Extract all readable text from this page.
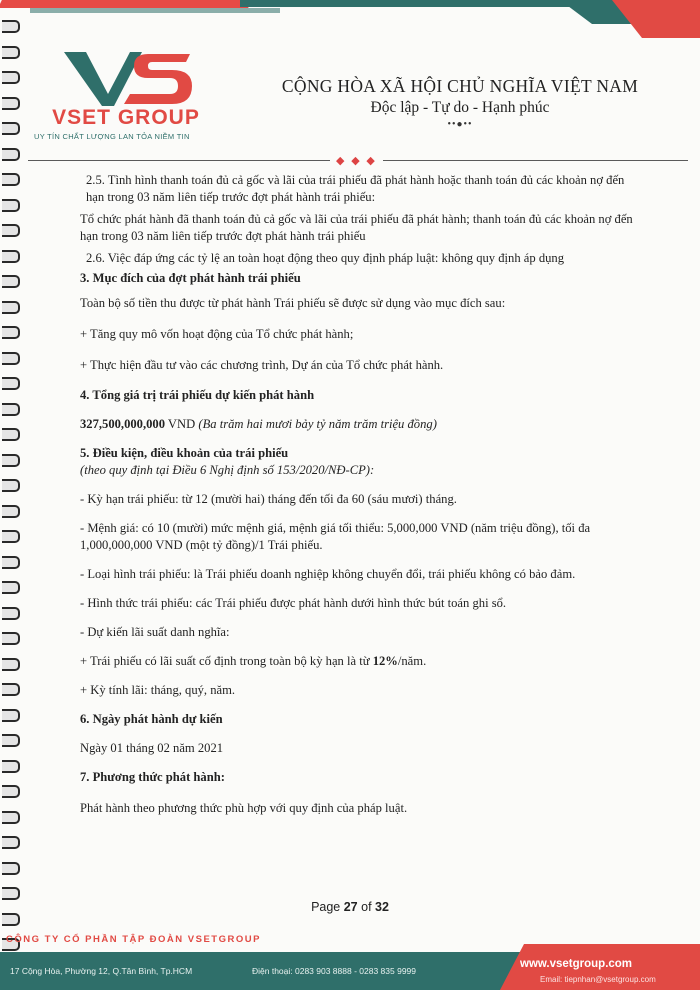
VSET GROUP
UY TÍN CHẤT LƯỢNG LAN TỎA NIỀM TIN
CỘNG HÒA XÃ HỘI CHỦ NGHĨA VIỆT NAM
Độc lập - Tự do - Hạnh phúc
••●••
◆ ◆ ◆

2.5. Tình hình thanh toán đủ cả gốc và lãi của trái phiếu đã phát hành hoặc thanh toán đủ các khoản nợ đến hạn trong 03 năm liên tiếp trước đợt phát hành trái phiếu:

Tổ chức phát hành đã thanh toán đủ cả gốc và lãi của trái phiếu đã phát hành; thanh toán đủ các khoản nợ đến hạn trong 03 năm liên tiếp trước đợt phát hành trái phiếu

2.6. Việc đáp ứng các tỷ lệ an toàn hoạt động theo quy định pháp luật: không quy định áp dụng

3. Mục đích của đợt phát hành trái phiếu

Toàn bộ số tiền thu được từ phát hành Trái phiếu sẽ được sử dụng vào mục đích sau:

+ Tăng quy mô vốn hoạt động của Tổ chức phát hành;

+ Thực hiện đầu tư vào các chương trình, Dự án của Tổ chức phát hành.

4. Tổng giá trị trái phiếu dự kiến phát hành

327,500,000,000 VND (Ba trăm hai mươi bảy tỷ năm trăm triệu đồng)

5. Điều kiện, điều khoản của trái phiếu

(theo quy định tại Điều 6 Nghị định số 153/2020/NĐ-CP):

- Kỳ hạn trái phiếu: từ 12 (mười hai) tháng đến tối đa 60 (sáu mươi) tháng.

- Mệnh giá: có 10 (mười) mức mệnh giá, mệnh giá tối thiểu: 5,000,000 VND (năm triệu đồng), tối đa 1,000,000,000 VND (một tỷ đồng)/1 Trái phiếu.

- Loại hình trái phiếu: là Trái phiếu doanh nghiệp không chuyển đổi, trái phiếu không có bảo đảm.

- Hình thức trái phiếu: các Trái phiếu được phát hành dưới hình thức bút toán ghi sổ.

- Dự kiến lãi suất danh nghĩa:

+ Trái phiếu có lãi suất cố định trong toàn bộ kỳ hạn là từ 12%/năm.

+ Kỳ tính lãi: tháng, quý, năm.

6. Ngày phát hành dự kiến

Ngày 01 tháng 02 năm 2021

7. Phương thức phát hành:

Phát hành theo phương thức phù hợp với quy định của pháp luật.

Page 27 of 32
CÔNG TY CỔ PHẦN TẬP ĐOÀN VSETGROUP
17 Cộng Hòa, Phường 12, Q.Tân Bình, Tp.HCM	Điện thoại: 0283 903 8888 - 0283 835 9999
www.vsetgroup.com
Email: tiepnhan@vsetgroup.com
